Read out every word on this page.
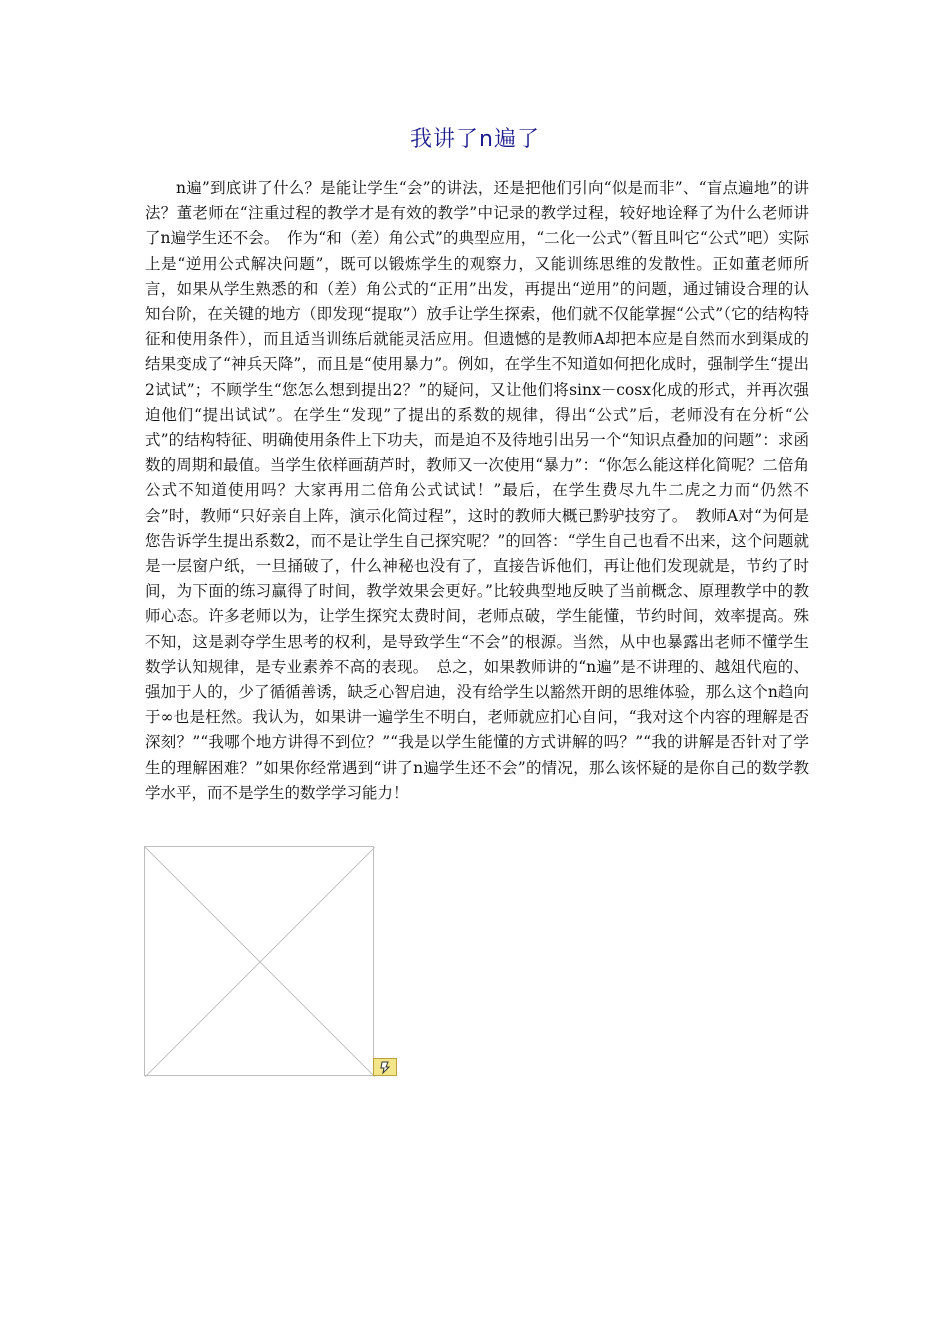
我讲了n遍了

n遍”到底讲了什么？是能让学生“会”的讲法，还是把他们引向“似是而非”、“盲点遍地”的讲法？董老师在“注重过程的教学才是有效的教学”中记录的教学过程，较好地诠释了为什么老师讲了n遍学生还不会。　作为“和（差）角公式”的典型应用，“二化一公式”（暂且叫它“公式”吧）实际上是“逆用公式解决问题”，既可以锻炼学生的观察力，又能训练思维的发散性。正如董老师所言，如果从学生熟悉的和（差）角公式的“正用”出发，再提出“逆用”的问题，通过铺设合理的认知台阶，在关键的地方（即发现“提取”）放手让学生探索，他们就不仅能掌握“公式”（它的结构特征和使用条件），而且适当训练后就能灵活应用。但遗憾的是教师A却把本应是自然而水到渠成的结果变成了“神兵天降”，而且是“使用暴力”。例如，在学生不知道如何把化成时，强制学生“提出2试试”；不顾学生“您怎么想到提出2？”的疑问，又让他们将sinx－cosx化成的形式，并再次强迫他们“提出试试”。在学生“发现”了提出的系数的规律，得出“公式”后，老师没有在分析“公式”的结构特征、明确使用条件上下功夫，而是迫不及待地引出另一个“知识点叠加的问题”：求函数的周期和最值。当学生依样画葫芦时，教师又一次使用“暴力”：“你怎么能这样化简呢？二倍角公式不知道使用吗？大家再用二倍角公式试试！”最后，在学生费尽九牛二虎之力而“仍然不会”时，教师“只好亲自上阵，演示化简过程”，这时的教师大概已黔驴技穷了。　教师A对“为何是您告诉学生提出系数2，而不是让学生自己探究呢？”的回答：“学生自己也看不出来，这个问题就是一层窗户纸，一旦捅破了，什么神秘也没有了，直接告诉他们，再让他们发现就是，节约了时间，为下面的练习赢得了时间，教学效果会更好。”比较典型地反映了当前概念、原理教学中的教师心态。许多老师以为，让学生探究太费时间，老师点破，学生能懂，节约时间，效率提高。殊不知，这是剥夺学生思考的权利，是导致学生“不会”的根源。当然，从中也暴露出老师不懂学生数学认知规律，是专业素养不高的表现。　总之，如果教师讲的“n遍”是不讲理的、越俎代庖的、强加于人的，少了循循善诱，缺乏心智启迪，没有给学生以豁然开朗的思维体验，那么这个n趋向于∞也是枉然。我认为，如果讲一遍学生不明白，老师就应扪心自问，“我对这个内容的理解是否深刻？”“我哪个地方讲得不到位？”“我是以学生能懂的方式讲解的吗？”“我的讲解是否针对了学生的理解困难？”如果你经常遇到“讲了n遍学生还不会”的情况，那么该怀疑的是你自己的数学教学水平，而不是学生的数学学习能力！
